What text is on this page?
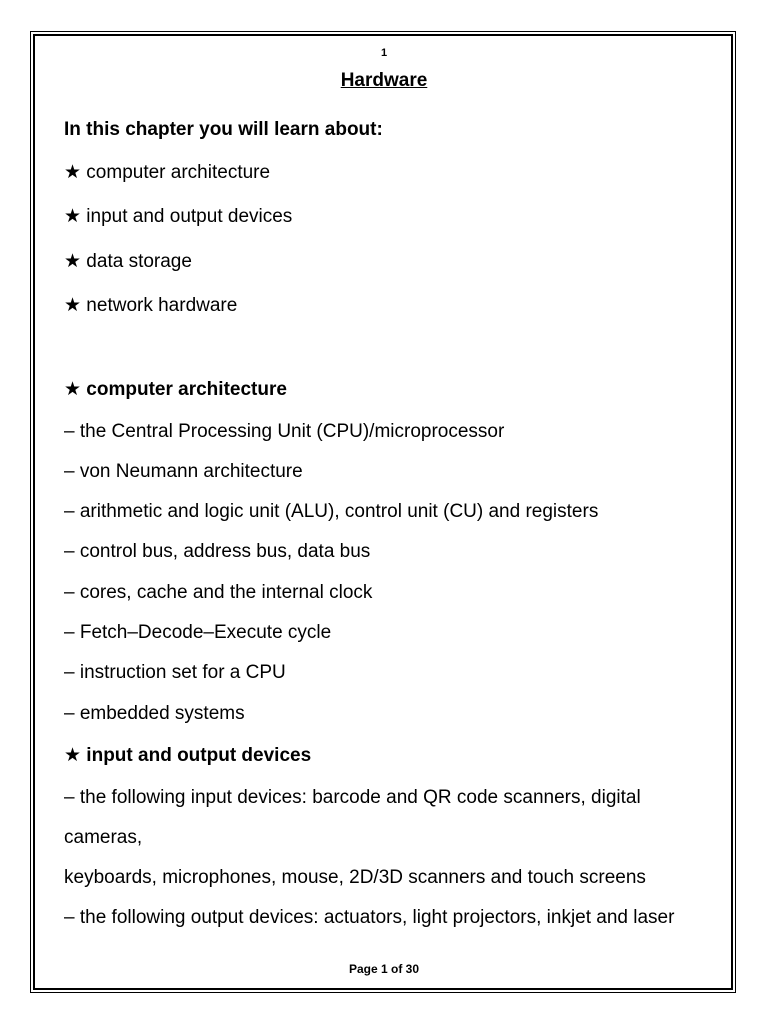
1
Hardware
In this chapter you will learn about:
★ computer architecture
★ input and output devices
★ data storage
★ network hardware
★ computer architecture
– the Central Processing Unit (CPU)/microprocessor
– von Neumann architecture
– arithmetic and logic unit (ALU), control unit (CU) and registers
– control bus, address bus, data bus
– cores, cache and the internal clock
– Fetch–Decode–Execute cycle
– instruction set for a CPU
– embedded systems
★ input and output devices
– the following input devices: barcode and QR code scanners, digital
cameras,
keyboards, microphones, mouse, 2D/3D scanners and touch screens
– the following output devices: actuators, light projectors, inkjet and laser
Page 1 of 30
